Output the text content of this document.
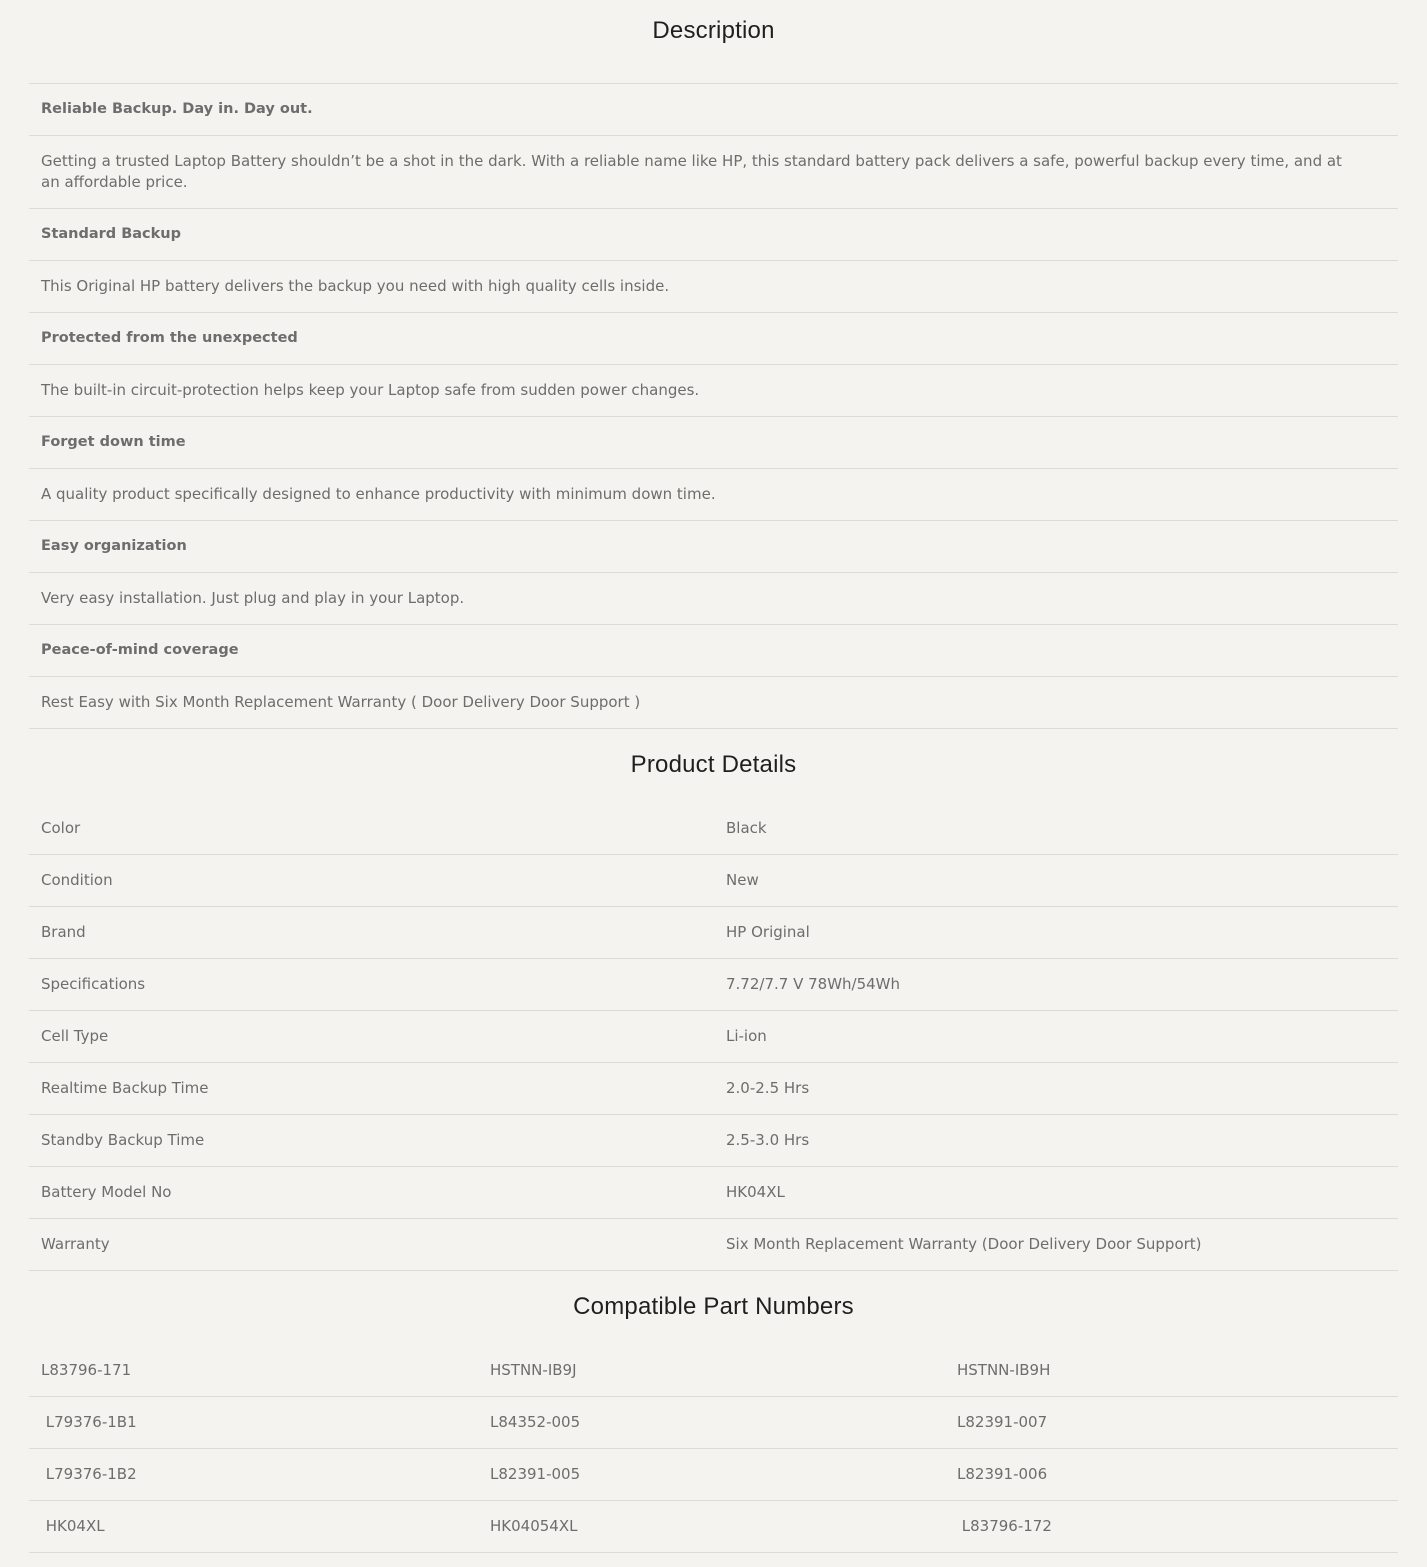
Description
Reliable Backup. Day in. Day out.
Getting a trusted Laptop Battery shouldn’t be a shot in the dark. With a reliable name like HP, this standard battery pack delivers a safe, powerful backup every time, and at an affordable price.
Standard Backup
This Original HP battery delivers the backup you need with high quality cells inside.
Protected from the unexpected
The built-in circuit-protection helps keep your Laptop safe from sudden power changes.
Forget down time
A quality product specifically designed to enhance productivity with minimum down time.
Easy organization
Very easy installation. Just plug and play in your Laptop.
Peace-of-mind coverage
Rest Easy with Six Month Replacement Warranty ( Door Delivery Door Support )
Product Details
Color	Black
Condition	New
Brand	HP Original
Specifications	7.72/7.7 V 78Wh/54Wh
Cell Type	Li-ion
Realtime Backup Time	2.0-2.5 Hrs
Standby Backup Time	2.5-3.0 Hrs
Battery Model No	HK04XL
Warranty	Six Month Replacement Warranty (Door Delivery Door Support)
Compatible Part Numbers
L83796-171	HSTNN-IB9J	HSTNN-IB9H
L79376-1B1	L84352-005	L82391-007
L79376-1B2	L82391-005	L82391-006
HK04XL	HK04054XL	L83796-172
